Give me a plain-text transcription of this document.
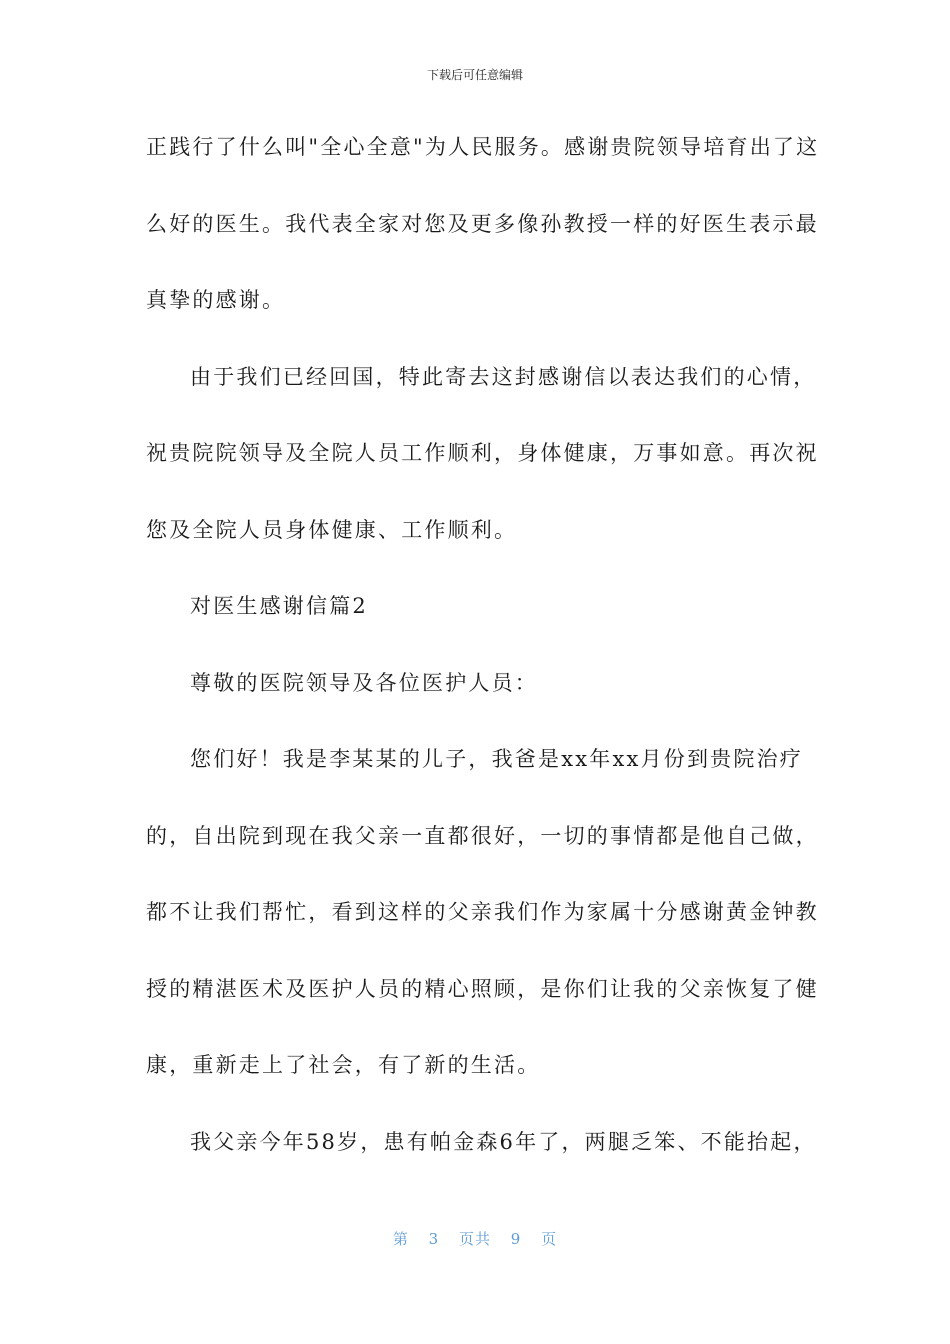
下载后可任意编辑
正践行了什么叫"全心全意"为人民服务。感谢贵院领导培育出了这
么好的医生。我代表全家对您及更多像孙教授一样的好医生表示最
真挚的感谢。
由于我们已经回国，特此寄去这封感谢信以表达我们的心情，
祝贵院院领导及全院人员工作顺利，身体健康，万事如意。再次祝
您及全院人员身体健康、工作顺利。
对医生感谢信篇2
尊敬的医院领导及各位医护人员：
您们好！我是李某某的儿子，我爸是xx年xx月份到贵院治疗
的，自出院到现在我父亲一直都很好，一切的事情都是他自己做，
都不让我们帮忙，看到这样的父亲我们作为家属十分感谢黄金钟教
授的精湛医术及医护人员的精心照顾，是你们让我的父亲恢复了健
康，重新走上了社会，有了新的生活。
我父亲今年58岁，患有帕金森6年了，两腿乏笨、不能抬起，
第 3 页共 9 页
